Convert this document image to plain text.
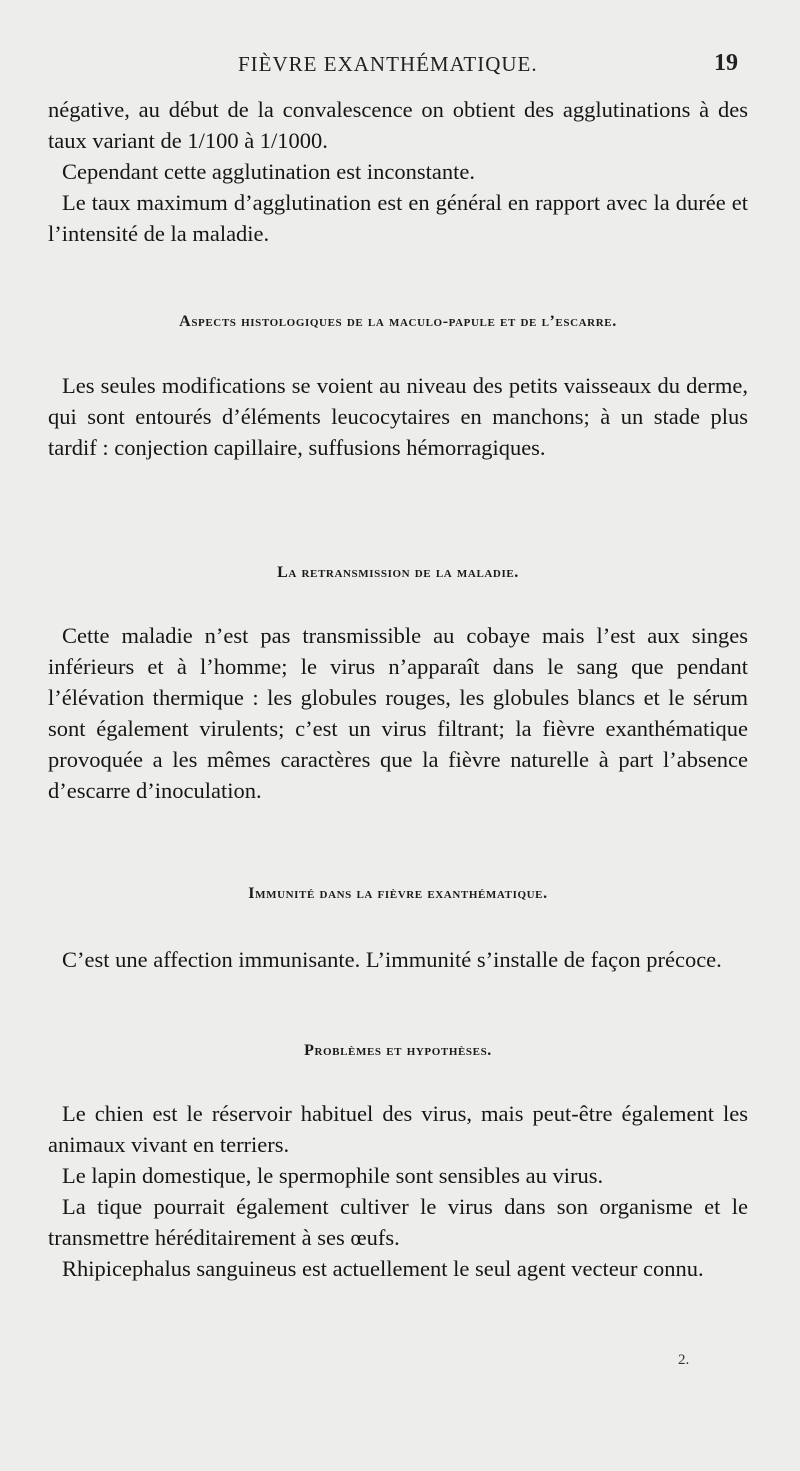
FIÈVRE EXANTHÉMATIQUE.	19

négative, au début de la convalescence on obtient des agglutinations à des taux variant de 1/100 à 1/1000.

Cependant cette agglutination est inconstante.

Le taux maximum d’agglutination est en général en rapport avec la durée et l’intensité de la maladie.

Aspects histologiques de la maculo-papule et de l’escarre.

Les seules modifications se voient au niveau des petits vaisseaux du derme, qui sont entourés d’éléments leucocytaires en manchons; à un stade plus tardif : conjection capillaire, suffusions hémorragiques.

La retransmission de la maladie.

Cette maladie n’est pas transmissible au cobaye mais l’est aux singes inférieurs et à l’homme; le virus n’apparaît dans le sang que pendant l’élévation thermique : les globules rouges, les globules blancs et le sérum sont également virulents; c’est un virus filtrant; la fièvre exanthématique provoquée a les mêmes caractères que la fièvre naturelle à part l’absence d’escarre d’inoculation.

Immunité dans la fièvre exanthématique.

C’est une affection immunisante. L’immunité s’installe de façon précoce.

Problèmes et hypothèses.

Le chien est le réservoir habituel des virus, mais peut-être également les animaux vivant en terriers.

Le lapin domestique, le spermophile sont sensibles au virus.

La tique pourrait également cultiver le virus dans son organisme et le transmettre héréditairement à ses œufs.

Rhipicephalus sanguineus est actuellement le seul agent vecteur connu.

2.
